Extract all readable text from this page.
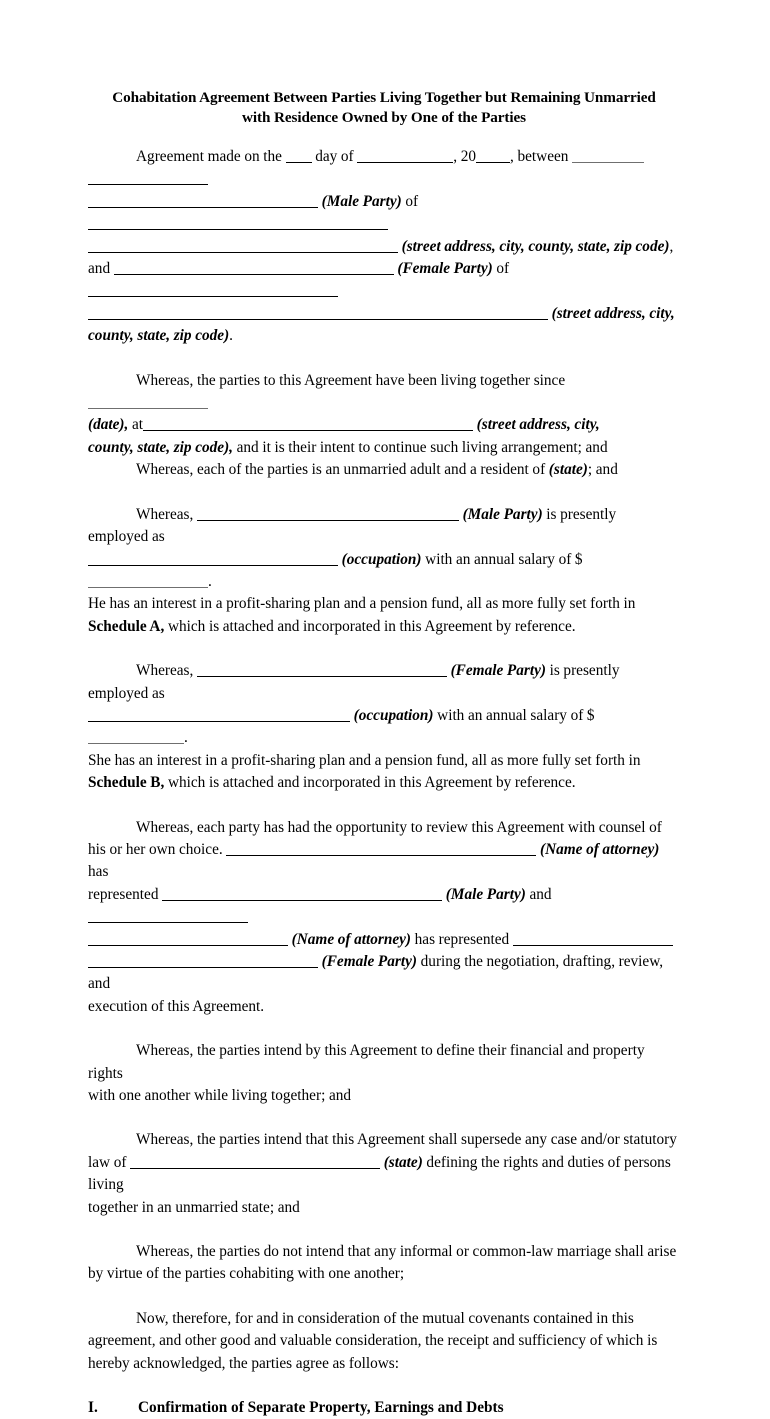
Cohabitation Agreement Between Parties Living Together but Remaining Unmarried
with Residence Owned by One of the Parties

Agreement made on the day of	, 20 , between
(Male Party) of
(street address, city, county, state, zip code),
and	(Female Party) of
(street address, city,
county, state, zip code).

Whereas, the parties to this Agreement have been living together since
(date), at	(street address, city,
county, state, zip code), and it is their intent to continue such living arrangement; and

Whereas, each of the parties is an unmarried adult and a resident of (state); and

Whereas,	(Male Party) is presently employed as
(occupation) with an annual salary of $.
He has an interest in a profit-sharing plan and a pension fund, all as more fully set forth in
Schedule A, which is attached and incorporated in this Agreement by reference.

Whereas,	(Female Party) is presently employed as
(occupation) with an annual salary of $.
She has an interest in a profit-sharing plan and a pension fund, all as more fully set forth in
Schedule B, which is attached and incorporated in this Agreement by reference.

Whereas, each party has had the opportunity to review this Agreement with counsel of
his or her own choice.	(Name of attorney) has
represented	(Male Party) and
(Name of attorney) has represented
(Female Party) during the negotiation, drafting, review, and
execution of this Agreement.

Whereas, the parties intend by this Agreement to define their financial and property rights
with one another while living together; and

Whereas, the parties intend that this Agreement shall supersede any case and/or statutory
law of	(state) defining the rights and duties of persons living
together in an unmarried state; and

Whereas, the parties do not intend that any informal or common-law marriage shall arise
by virtue of the parties cohabiting with one another;

Now, therefore, for and in consideration of the mutual covenants contained in this
agreement, and other good and valuable consideration, the receipt and sufficiency of which is
hereby acknowledged, the parties agree as follows:

I.	Confirmation of Separate Property, Earnings and Debts
